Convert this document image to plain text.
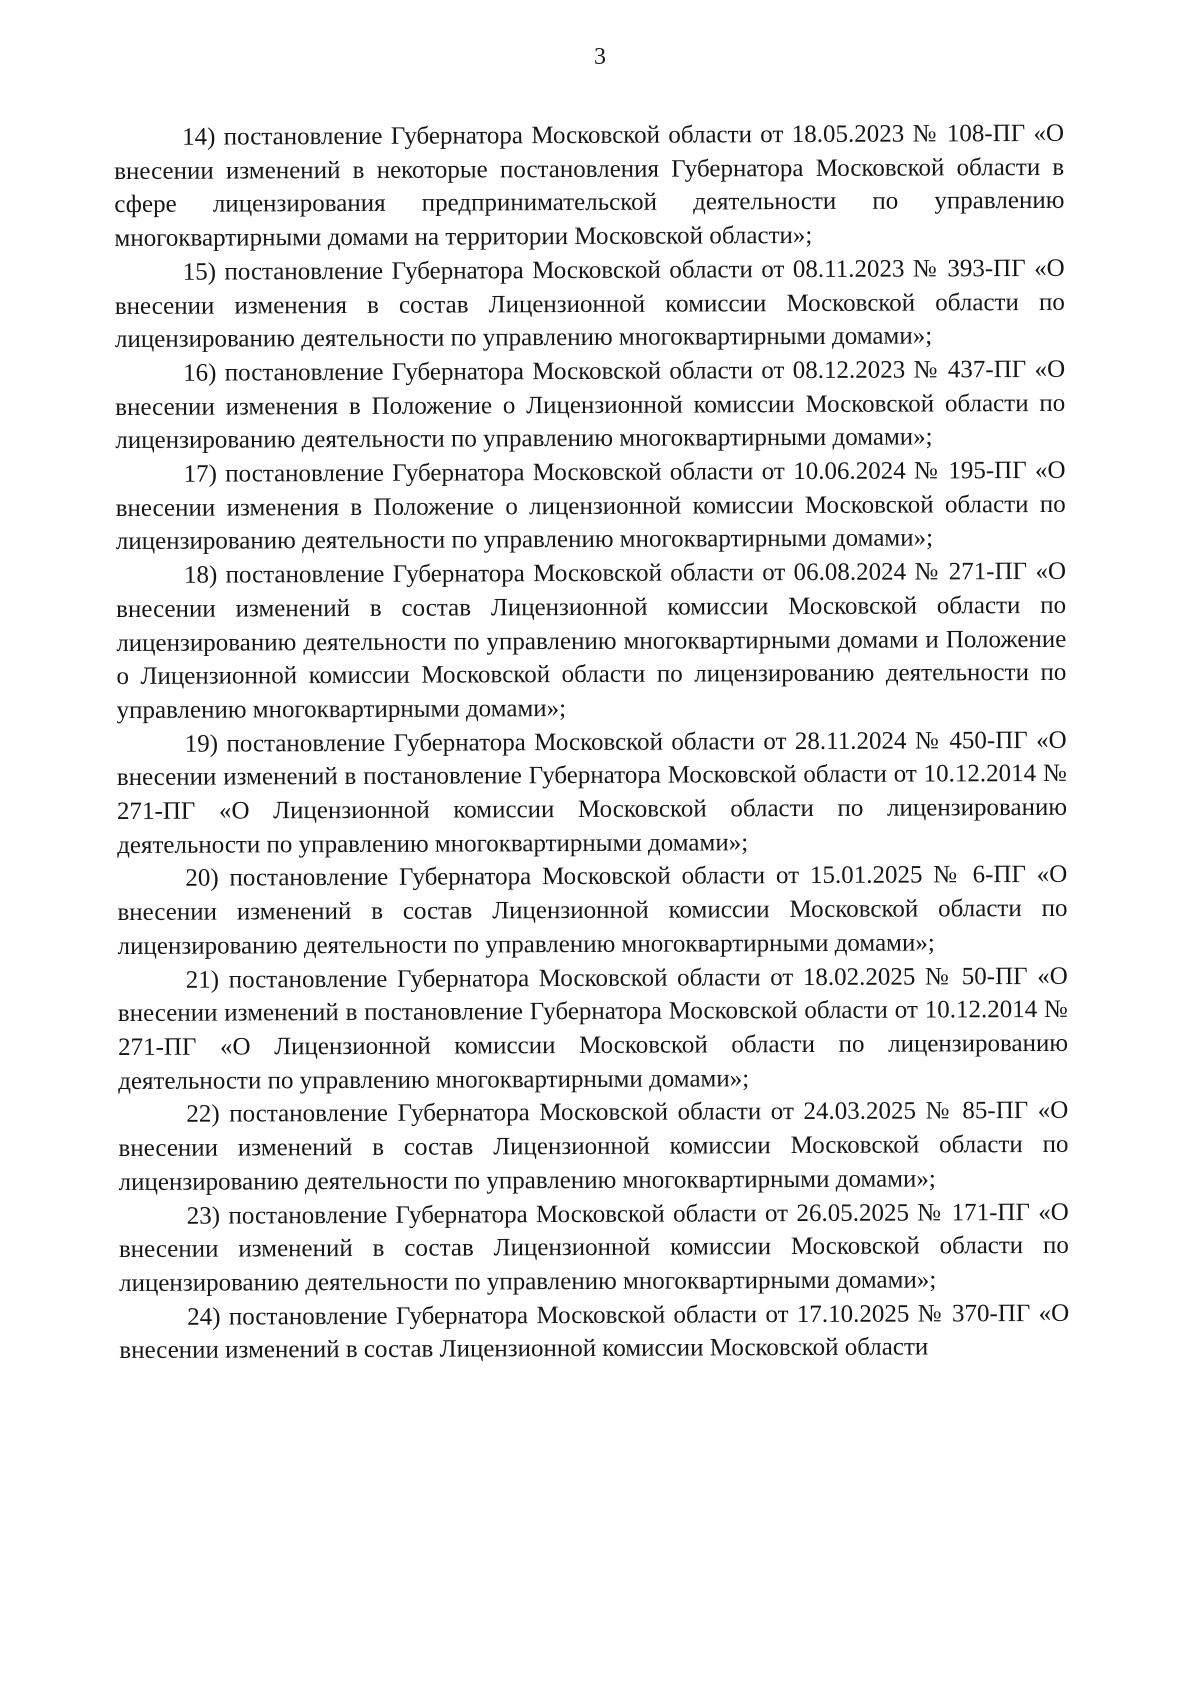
3

14) постановление Губернатора Московской области от 18.05.2023 № 108-ПГ «О внесении изменений в некоторые постановления Губернатора Московской области в сфере лицензирования предпринимательской деятельности по управлению многоквартирными домами на территории Московской области»;

15) постановление Губернатора Московской области от 08.11.2023 № 393-ПГ «О внесении изменения в состав Лицензионной комиссии Московской области по лицензированию деятельности по управлению многоквартирными домами»;

16) постановление Губернатора Московской области от 08.12.2023 № 437-ПГ «О внесении изменения в Положение о Лицензионной комиссии Московской области по лицензированию деятельности по управлению многоквартирными домами»;

17) постановление Губернатора Московской области от 10.06.2024 № 195-ПГ «О внесении изменения в Положение о лицензионной комиссии Московской области по лицензированию деятельности по управлению многоквартирными домами»;

18) постановление Губернатора Московской области от 06.08.2024 № 271-ПГ «О внесении изменений в состав Лицензионной комиссии Московской области по лицензированию деятельности по управлению многоквартирными домами и Положение о Лицензионной комиссии Московской области по лицензированию деятельности по управлению многоквартирными домами»;

19) постановление Губернатора Московской области от 28.11.2024 № 450-ПГ «О внесении изменений в постановление Губернатора Московской области от 10.12.2014 № 271-ПГ «О Лицензионной комиссии Московской области по лицензированию деятельности по управлению многоквартирными домами»;

20) постановление Губернатора Московской области от 15.01.2025 № 6-ПГ «О внесении изменений в состав Лицензионной комиссии Московской области по лицензированию деятельности по управлению многоквартирными домами»;

21) постановление Губернатора Московской области от 18.02.2025 № 50-ПГ «О внесении изменений в постановление Губернатора Московской области от 10.12.2014 № 271-ПГ «О Лицензионной комиссии Московской области по лицензированию деятельности по управлению многоквартирными домами»;

22) постановление Губернатора Московской области от 24.03.2025 № 85-ПГ «О внесении изменений в состав Лицензионной комиссии Московской области по лицензированию деятельности по управлению многоквартирными домами»;

23) постановление Губернатора Московской области от 26.05.2025 № 171-ПГ «О внесении изменений в состав Лицензионной комиссии Московской области по лицензированию деятельности по управлению многоквартирными домами»;

24) постановление Губернатора Московской области от 17.10.2025 № 370-ПГ «О внесении изменений в состав Лицензионной комиссии Московской области
